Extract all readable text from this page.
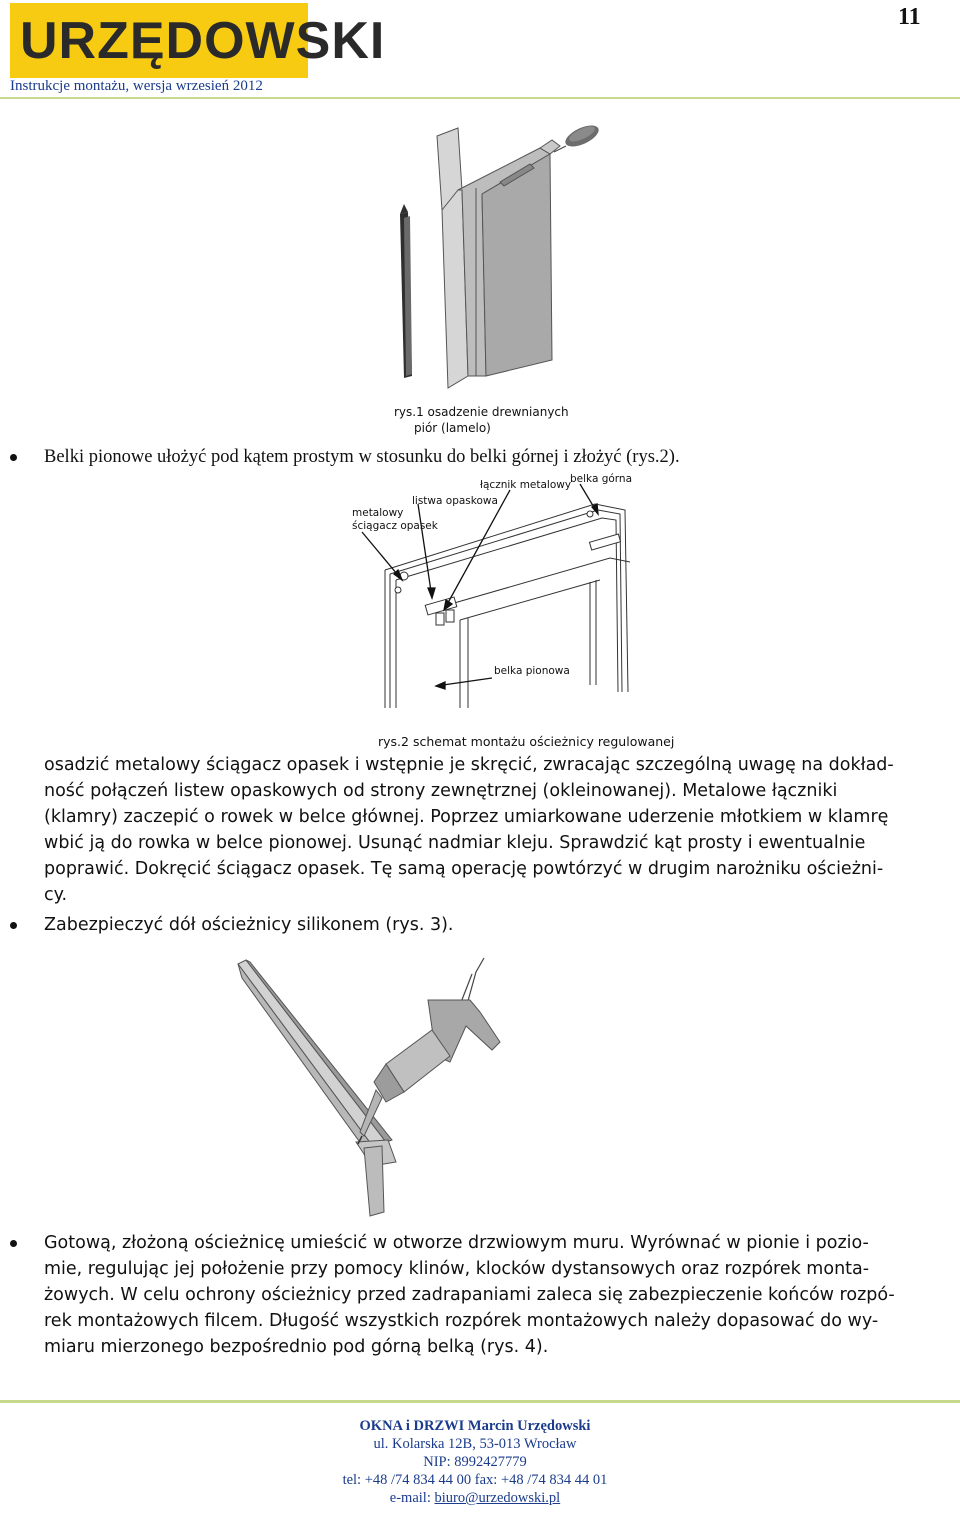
URZĘDOWSKI
Instrukcje montażu, wersja wrzesień 2012
11
rys.1 osadzenie drewnianych
piór (lamelo)
Belki pionowe ułożyć pod kątem prostym w stosunku do belki górnej i złożyć (rys.2).
metalowy
ściągacz opasek
listwa opaskowa
łącznik metalowy
belka górna
belka pionowa
rys.2 schemat montażu ościeżnicy regulowanej
osadzić metalowy ściągacz opasek i wstępnie je skręcić, zwracając szczególną uwagę na dokład-
ność połączeń listew opaskowych od strony zewnętrznej (okleinowanej). Metalowe łączniki
(klamry) zaczepić o rowek w belce głównej. Poprzez umiarkowane uderzenie młotkiem w klamrę
wbić ją do rowka w belce pionowej. Usunąć nadmiar kleju. Sprawdzić kąt prosty i ewentualnie
poprawić. Dokręcić ściągacz opasek. Tę samą operację powtórzyć w drugim narożniku ościeżni-
cy.
Zabezpieczyć dół ościeżnicy silikonem (rys. 3).
Gotową, złożoną ościeżnicę umieścić w otworze drzwiowym muru. Wyrównać w pionie i pozio-
mie, regulując jej położenie przy pomocy klinów, klocków dystansowych oraz rozpórek monta-
żowych. W celu ochrony ościeżnicy przed zadrapaniami zaleca się zabezpieczenie końców rozpó-
rek montażowych filcem. Długość wszystkich rozpórek montażowych należy dopasować do wy-
miaru mierzonego bezpośrednio pod górną belką (rys. 4).
OKNA i DRZWI Marcin Urzędowski
ul. Kolarska 12B, 53-013 Wrocław
NIP: 8992427779
tel: +48 /74 834 44 00 fax: +48 /74 834 44 01
e-mail: biuro@urzedowski.pl
